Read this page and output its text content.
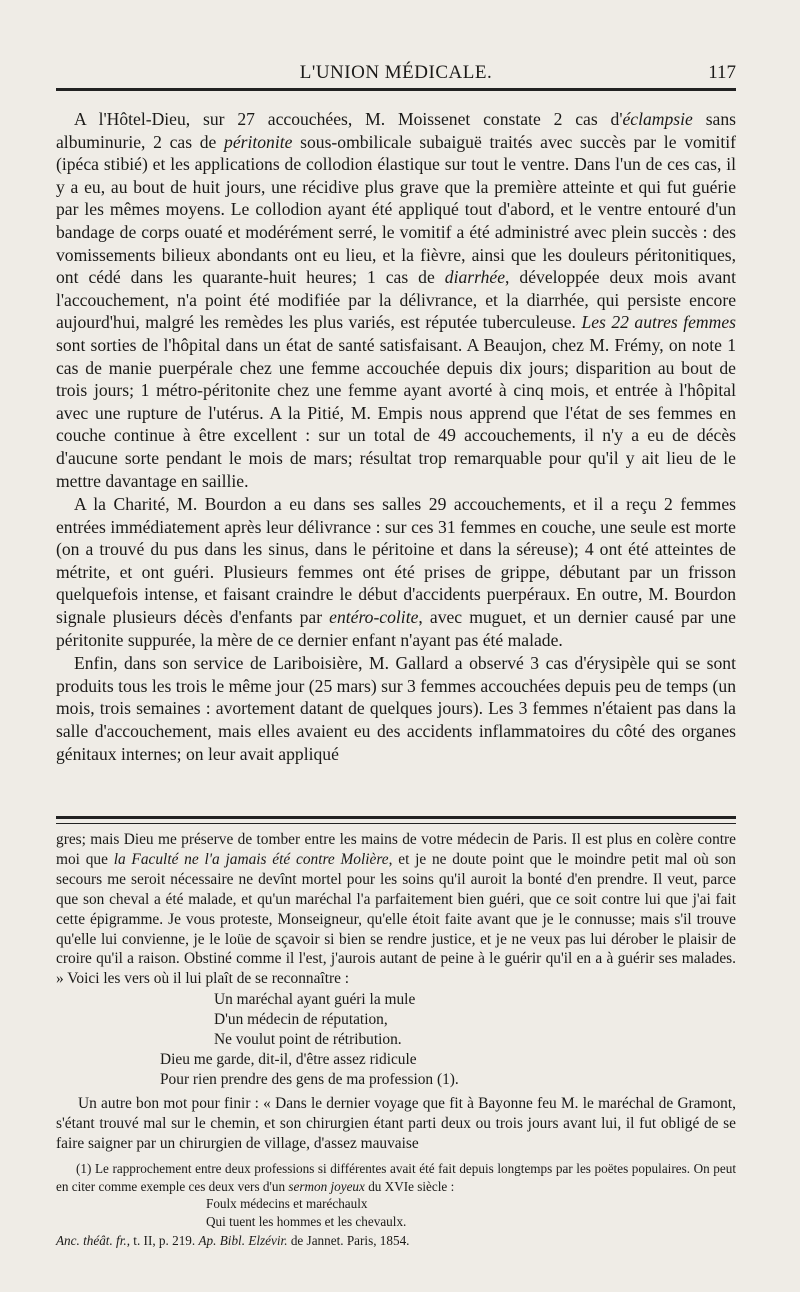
L'UNION MÉDICALE.	117

A l'Hôtel-Dieu, sur 27 accouchées, M. Moissenet constate 2 cas d'éclampsie sans albuminurie, 2 cas de péritonite sous-ombilicale subaiguë traités avec succès par le vomitif (ipéca stibié) et les applications de collodion élastique sur tout le ventre. Dans l'un de ces cas, il y a eu, au bout de huit jours, une récidive plus grave que la première atteinte et qui fut guérie par les mêmes moyens. Le collodion ayant été appliqué tout d'abord, et le ventre entouré d'un bandage de corps ouaté et modérément serré, le vomitif a été administré avec plein succès : des vomissements bilieux abondants ont eu lieu, et la fièvre, ainsi que les douleurs péritonitiques, ont cédé dans les quarante-huit heures; 1 cas de diarrhée, développée deux mois avant l'accouchement, n'a point été modifiée par la délivrance, et la diarrhée, qui persiste encore aujourd'hui, malgré les remèdes les plus variés, est réputée tuberculeuse. Les 22 autres femmes sont sorties de l'hôpital dans un état de santé satisfaisant. A Beaujon, chez M. Frémy, on note 1 cas de manie puerpérale chez une femme accouchée depuis dix jours; disparition au bout de trois jours; 1 métro-péritonite chez une femme ayant avorté à cinq mois, et entrée à l'hôpital avec une rupture de l'utérus. A la Pitié, M. Empis nous apprend que l'état de ses femmes en couche continue à être excellent : sur un total de 49 accouchements, il n'y a eu de décès d'aucune sorte pendant le mois de mars; résultat trop remarquable pour qu'il y ait lieu de le mettre davantage en saillie.

A la Charité, M. Bourdon a eu dans ses salles 29 accouchements, et il a reçu 2 femmes entrées immédiatement après leur délivrance : sur ces 31 femmes en couche, une seule est morte (on a trouvé du pus dans les sinus, dans le péritoine et dans la séreuse); 4 ont été atteintes de métrite, et ont guéri. Plusieurs femmes ont été prises de grippe, débutant par un frisson quelquefois intense, et faisant craindre le début d'accidents puerpéraux. En outre, M. Bourdon signale plusieurs décès d'enfants par entéro-colite, avec muguet, et un dernier causé par une péritonite suppurée, la mère de ce dernier enfant n'ayant pas été malade.

Enfin, dans son service de Lariboisière, M. Gallard a observé 3 cas d'érysipèle qui se sont produits tous les trois le même jour (25 mars) sur 3 femmes accouchées depuis peu de temps (un mois, trois semaines : avortement datant de quelques jours). Les 3 femmes n'étaient pas dans la salle d'accouchement, mais elles avaient eu des accidents inflammatoires du côté des organes génitaux internes; on leur avait appliqué

gres; mais Dieu me préserve de tomber entre les mains de votre médecin de Paris. Il est plus en colère contre moi que la Faculté ne l'a jamais été contre Molière, et je ne doute point que le moindre petit mal où son secours me seroit nécessaire ne devînt mortel pour les soins qu'il auroit la bonté d'en prendre. Il veut, parce que son cheval a été malade, et qu'un maréchal l'a parfaitement bien guéri, que ce soit contre lui que j'ai fait cette épigramme. Je vous proteste, Monseigneur, qu'elle étoit faite avant que je le connusse; mais s'il trouve qu'elle lui convienne, je le loüe de sçavoir si bien se rendre justice, et je ne veux pas lui dérober le plaisir de croire qu'il a raison. Obstiné comme il l'est, j'aurois autant de peine à le guérir qu'il en a à guérir ses malades. » Voici les vers où il lui plaît de se reconnaître :

Un maréchal ayant guéri la mule
D'un médecin de réputation,
Ne voulut point de rétribution.
Dieu me garde, dit-il, d'être assez ridicule
Pour rien prendre des gens de ma profession (1).

Un autre bon mot pour finir : « Dans le dernier voyage que fit à Bayonne feu M. le maréchal de Gramont, s'étant trouvé mal sur le chemin, et son chirurgien étant parti deux ou trois jours avant lui, il fut obligé de se faire saigner par un chirurgien de village, d'assez mauvaise

(1) Le rapprochement entre deux professions si différentes avait été fait depuis longtemps par les poëtes populaires. On peut en citer comme exemple ces deux vers d'un sermon joyeux du XVIe siècle :

Foulx médecins et maréchaulx
Qui tuent les hommes et les chevaulx.
Anc. théât. fr., t. II, p. 219. Ap. Bibl. Elzévir. de Jannet. Paris, 1854.
